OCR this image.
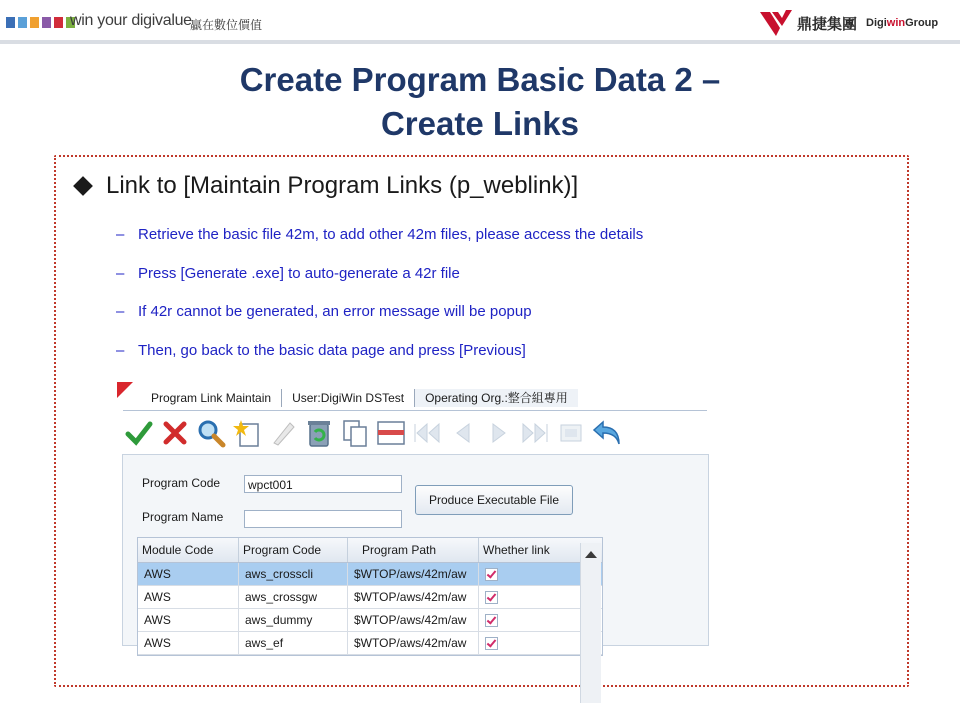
win your digivalue
贏在數位價值	鼎捷集團 DigiwinGroup
Create Program Basic Data 2 –
Create Links
Link to [Maintain Program Links (p_weblink)]
– Retrieve the basic file 42m, to add other 42m files, please access the details
– Press [Generate .exe] to auto-generate a 42r file
– If 42r cannot be generated, an error message will be popup
– Then, go back to the basic data page and press [Previous]
Program Link Maintain	User:DigiWin DSTest	Operating Org.:整合組專用
Program Code	wpct001
Produce Executable File
Program Name
Module Code	Program Code	Program Path	Whether link
AWS	aws_crosscli	$WTOP/aws/42m/aw
AWS	aws_crossgw	$WTOP/aws/42m/aw
AWS	aws_dummy	$WTOP/aws/42m/aw
AWS	aws_ef	$WTOP/aws/42m/aw
